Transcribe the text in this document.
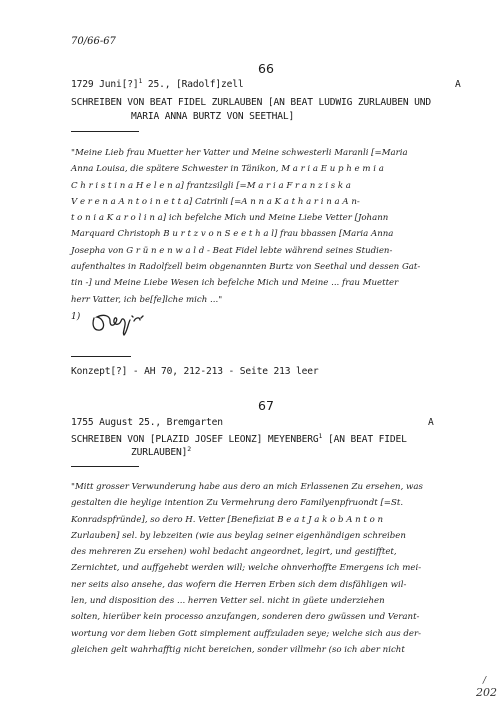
70/66-67
66
1729 Juni[?]$^1$ 25., [Radolf]zell	A
SCHREIBEN VON BEAT FIDEL ZURLAUBEN [AN BEAT LUDWIG ZURLAUBEN UND
MARIA ANNA BURTZ VON SEETHAL]
"Meine Lieb frau Muetter her Vatter und Meine schwesterli Maranli [=Maria
Anna Louisa, die spätere Schwester in Tänikon, M a r i a E u p h e m i a
C h r i s t i n a H e l e n a] frantzsilgli [=M a r i a F r a n z i s k a
V e r e n a A n t o i n e t t a] Catrinli [=A n n a K a t h a r i n a A n-
t o n i a K a r o l i n a] ich befelche Mich und Meine Liebe Vetter [Johann
Marquard Christoph B u r t z v o n S e e t h a l] frau bbassen [Maria Anna
Josepha von G r ü n e n w a l d - Beat Fidel lebte während seines Studien-
aufenthaltes in Radolfzell beim obgenannten Burtz von Seethal und dessen Gat-
tin -] und Meine Liebe Wesen ich befelche Mich und Meine ... frau Muetter
herr Vatter, ich be[fe]lche mich ..."
1)
Konzept[?] - AH 70, 212-213 - Seite 213 leer
67
1755 August 25., Bremgarten	A
SCHREIBEN VON [PLAZID JOSEF LEONZ] MEYENBERG$^1$ [AN BEAT FIDEL
ZURLAUBEN]$^2$
"Mitt grosser Verwunderung habe aus dero an mich Erlassenen Zu ersehen, was
gestalten die heylige intention Zu Vermehrung dero Familyenpfruondt [=St.
Konradspfründe], so dero H. Vetter [Benefiziat B e a t J a k o b A n t o n
Zurlauben] sel. by lebzeiten (wie aus beylag seiner eigenhändigen schreiben
des mehreren Zu ersehen) wohl bedacht angeordnet, legirt, und gestifftet,
Zernichtet, und auffgehebt werden will; welche ohnverhoffte Emergens ich mei-
ner seits also ansehe, das wofern die Herren Erben sich dem disfähligen wil-
len, und disposition des ... herren Vetter sel. nicht in güete underziehen
solten, hierüber kein processo anzufangen, sonderen dero gwüssen und Verant-
wortung vor dem lieben Gott simplement auffzuladen seye; welche sich aus der-
gleichen gelt wahrhafftig nicht bereichen, sonder villmehr (so ich aber nicht
/
202
